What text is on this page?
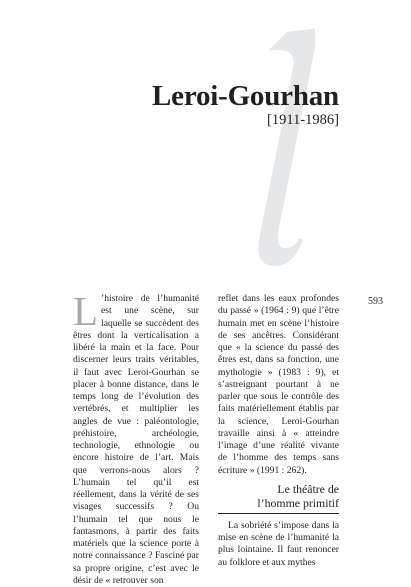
Leroi-Gourhan
[1911-1986]
593

L ’histoire de l’humanité est une scène, sur laquelle se succèdent des êtres dont la verticalisation a libéré la main et la face. Pour discerner leurs traits véritables, il faut avec Leroi-Gourhan se placer à bonne distance, dans le temps long de l’évolution des vertébrés, et multiplier les angles de vue : paléontologie, préhistoire, archéologie, technologie, ethnologie ou encore histoire de l’art. Mais que verrons-nous alors ? L’humain tel qu’il est réellement, dans la vérité de ses visages successifs ? Ou l’humain tel que nous le fantasmons, à partir des faits matériels que la science porte à notre connaissance ? Fasciné par sa propre origine, c’est avec le désir de « retrouver son

reflet dans les eaux profondes du passé » (1964 : 9) que l’être humain met en scène l’histoire de ses ancêtres. Considérant que « la science du passé des êtres est, dans sa fonction, une mythologie » (1983 : 9), et s’astreignant pourtant à ne parler que sous le contrôle des faits matériellement établis par la science, Leroi-Gourhan travaille ainsi à « atteindre l’image d’une réalité vivante de l’homme des temps sans écriture » (1991 : 262).

Le théâtre de
l’homme primitif

La sobriété s’impose dans la mise en scène de l’humanité la plus lointaine. Il faut renoncer au folklore et aux mythes
